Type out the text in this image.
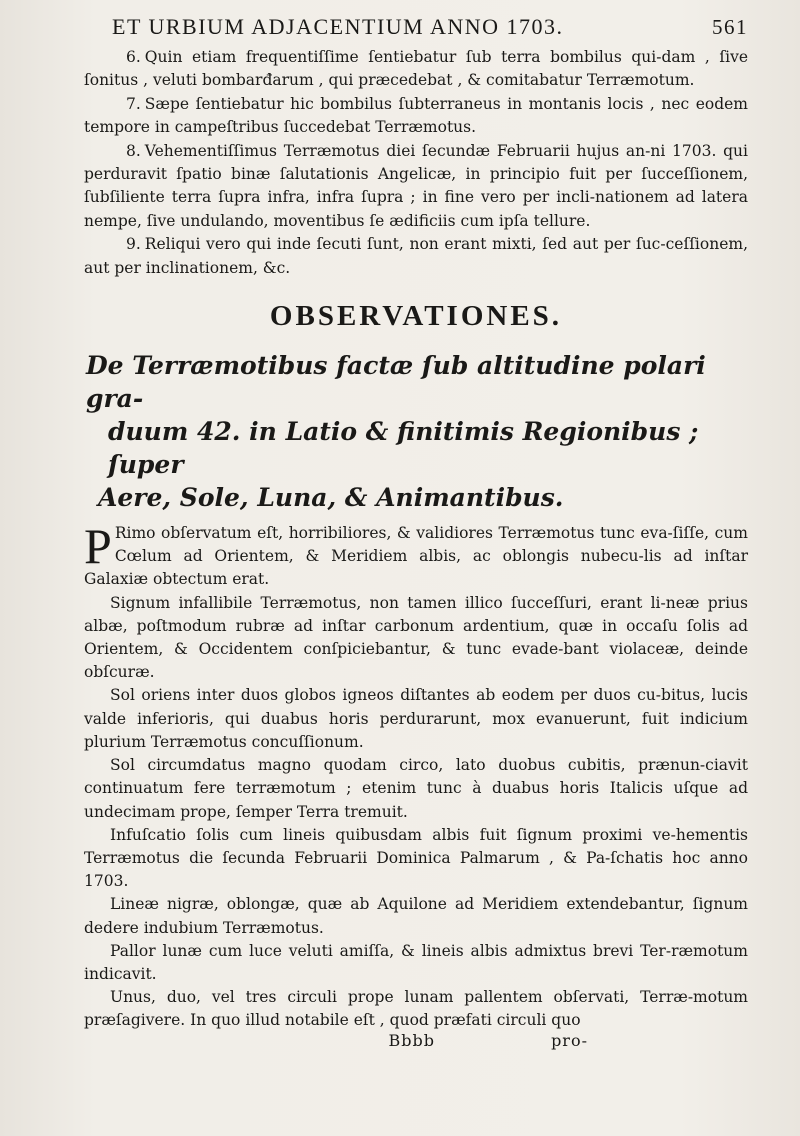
ET URBIUM ADJACENTIUM ANNO 1703.	561

6. Quin etiam frequentiſſime ſentiebatur ſub terra bombilus qui-dam , ſive ſonitus , veluti bombarđarum , qui præcedebat , & comitabatur Terræmotum.

7. Sæpe ſentiebatur hic bombilus ſubterraneus in montanis locis , nec eodem tempore in campeſtribus ſuccedebat Terræmotus.

8. Vehementiſſimus Terræmotus diei ſecundæ Februarii hujus an-ni 1703. qui perduravit ſpatio binæ ſalutationis Angelicæ, in principio fuit per ſucceſſionem, ſubſiliente terra ſupra infra, infra ſupra ; in fine vero per incli-nationem ad latera nempe, ſive undulando, moventibus ſe ædificiis cum ipſa tellure.

9. Reliqui vero qui inde ſecuti ſunt, non erant mixti, ſed aut per ſuc-ceſſionem, aut per inclinationem, &c.

OBSERVATIONES.
De Terræmotibus factæ ſub altitudine polari gra-
duum 42. in Latio & finitimis Regionibus ; ſuper
Aere, Sole, Luna, & Animantibus.

P Rimo obſervatum eſt, horribiliores, & validiores Terræmotus tunc eva-ſiſſe, cum Cœlum ad Orientem, & Meridiem albis, ac oblongis nubecu-lis ad inſtar Galaxiæ obtectum erat.

Signum infallibile Terræmotus, non tamen illico ſucceſſuri, erant li-neæ prius albæ, poſtmodum rubræ ad inſtar carbonum ardentium, quæ in occaſu ſolis ad Orientem, & Occidentem conſpiciebantur, & tunc evade-bant violaceæ, deinde obſcuræ.

Sol oriens inter duos globos igneos diſtantes ab eodem per duos cu-bitus, lucis valde inferioris, qui duabus horis perdurarunt, mox evanuerunt, fuit indicium plurium Terræmotus concuſſionum.

Sol circumdatus magno quodam circo, lato duobus cubitis, prænun-ciavit continuatum fere terræmotum ; etenim tunc à duabus horis Italicis uſque ad undecimam prope, ſemper Terra tremuit.

Infuſcatio ſolis cum lineis quibusdam albis fuit ſignum proximi ve-hementis Terræmotus die ſecunda Februarii Dominica Palmarum , & Pa-ſchatis hoc anno 1703.

Lineæ nigræ, oblongæ, quæ ab Aquilone ad Meridiem extendebantur, ſignum dedere indubium Terræmotus.

Pallor lunæ cum luce veluti amiſſa, & lineis albis admixtus brevi Ter-ræmotum indicavit.

Unus, duo, vel tres circuli prope lunam pallentem obſervati, Terræ-motum præſagivere. In quo illud notabile eſt , quod præfati circuli quo

Bbbb	pro-
